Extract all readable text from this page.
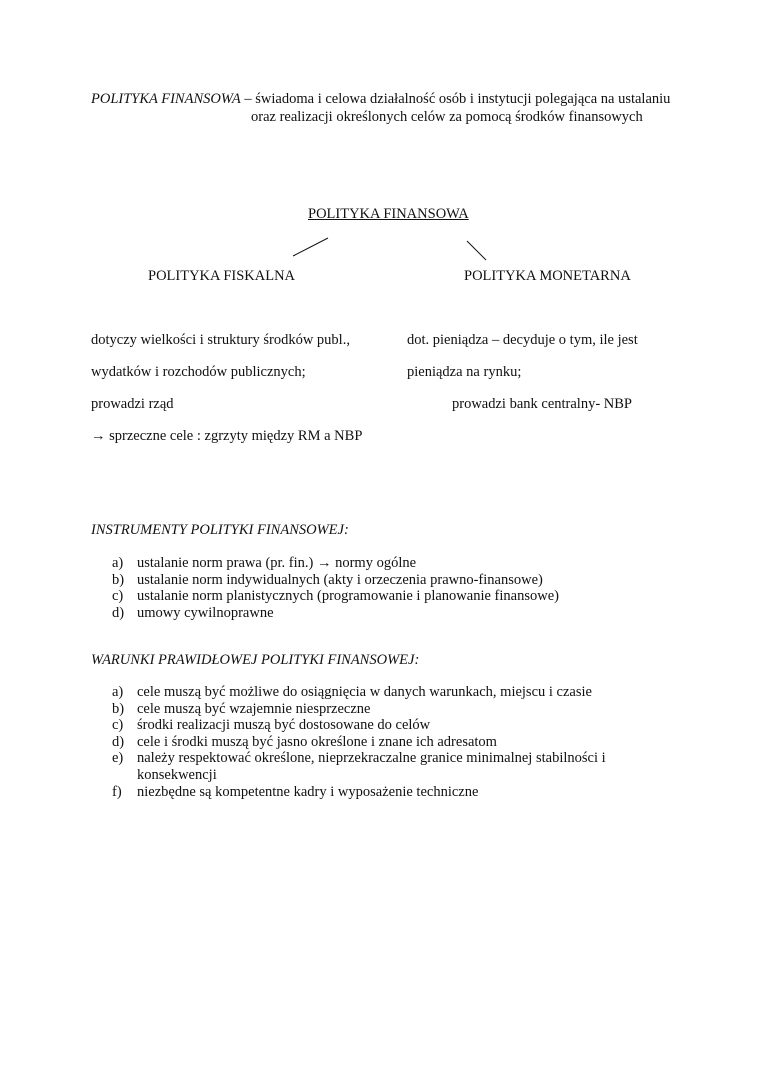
POLITYKA FINANSOWA – świadoma i celowa działalność osób i instytucji polegająca na ustalaniu
oraz realizacji określonych celów za pomocą środków finansowych
POLITYKA FINANSOWA
POLITYKA FISKALNA	POLITYKA MONETARNA
dotyczy wielkości i struktury środków publ.,
wydatków i rozchodów publicznych;
prowadzi rząd
dot. pieniądza – decyduje o tym, ile jest
pieniądza na rynku;
prowadzi bank centralny- NBP
→ sprzeczne cele : zgrzyty między RM a NBP
INSTRUMENTY POLITYKI FINANSOWEJ:
a) ustalanie norm prawa (pr. fin.) → normy ogólne
b) ustalanie norm indywidualnych (akty i orzeczenia prawno-finansowe)
c) ustalanie norm planistycznych (programowanie i planowanie finansowe)
d) umowy cywilnoprawne
WARUNKI PRAWIDŁOWEJ POLITYKI FINANSOWEJ:
a) cele muszą być możliwe do osiągnięcia w danych warunkach, miejscu i czasie
b) cele muszą być wzajemnie niesprzeczne
c) środki realizacji muszą być dostosowane do celów
d) cele i środki muszą być jasno określone i znane ich adresatom
e) należy respektować określone, nieprzekraczalne granice minimalnej stabilności i konsekwencji
f)	niezbędne są kompetentne kadry i wyposażenie techniczne
